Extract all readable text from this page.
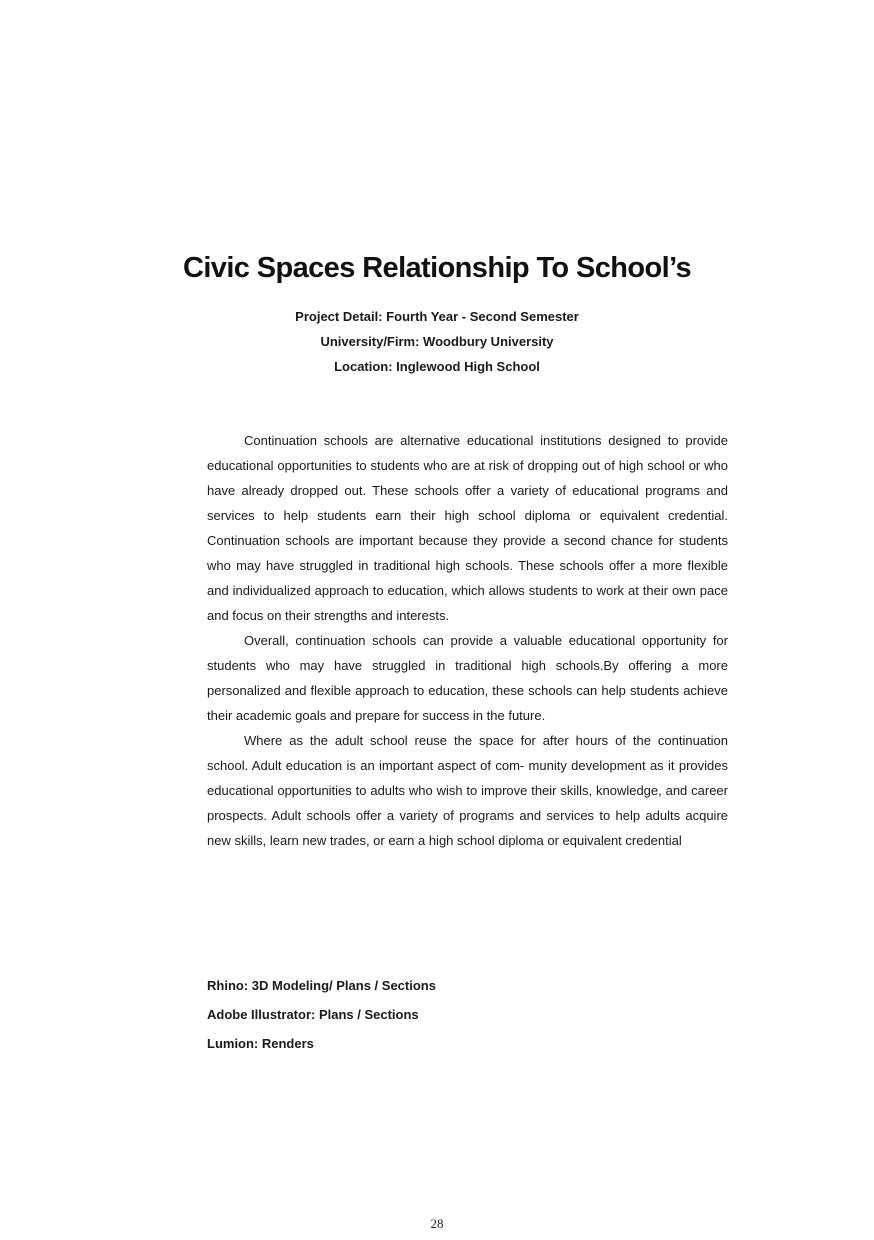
Civic Spaces Relationship To School’s
Project Detail: Fourth Year - Second Semester
University/Firm: Woodbury University
Location: Inglewood High School

Continuation schools are alternative educational institutions designed to provide educational opportunities to students who are at risk of dropping out of high school or who have already dropped out. These schools offer a variety of educational programs and services to help students earn their high school diploma or equivalent credential. Continuation schools are important because they provide a second chance for students who may have struggled in traditional high schools. These schools offer a more flexible and individualized approach to education, which allows students to work at their own pace and focus on their strengths and interests.

Overall, continuation schools can provide a valuable educational opportunity for students who may have struggled in traditional high schools.By offering a more personalized and flexible approach to education, these schools can help students achieve their academic goals and prepare for success in the future.

Where as the adult school reuse the space for after hours of the continuation school. Adult education is an important aspect of com- munity development as it provides educational opportunities to adults who wish to improve their skills, knowledge, and career prospects. Adult schools offer a variety of programs and services to help adults acquire new skills, learn new trades, or earn a high school diploma or equivalent credential

Rhino: 3D Modeling/ Plans / Sections
Adobe Illustrator: Plans / Sections
Lumion: Renders
28
